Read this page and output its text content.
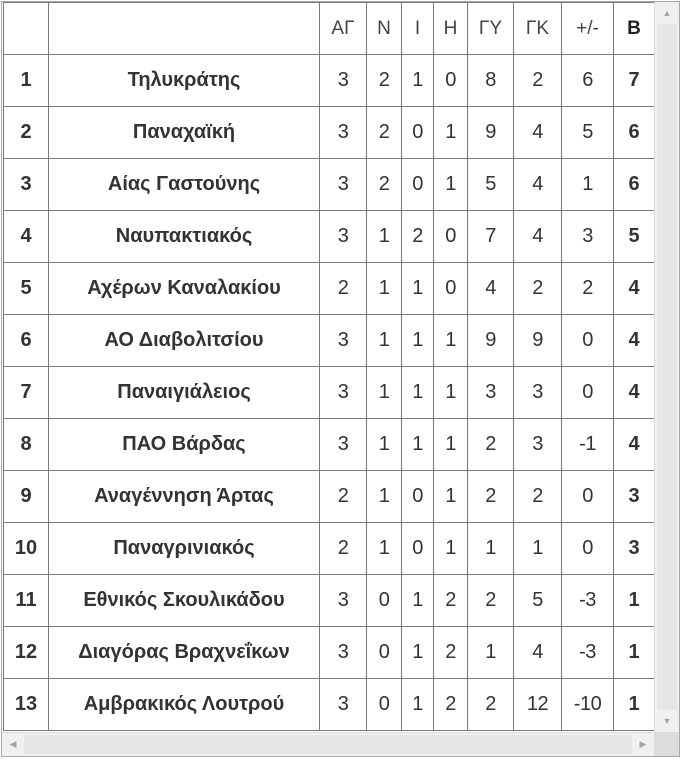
		ΑΓ	Ν	Ι	Η	ΓΥ	ΓΚ	+/-	Β
1	Τηλυκράτης	3	2	1	0	8	2	6	7
2	Παναχαϊκή	3	2	0	1	9	4	5	6
3	Αίας Γαστούνης	3	2	0	1	5	4	1	6
4	Ναυπακτιακός	3	1	2	0	7	4	3	5
5	Αχέρων Καναλακίου	2	1	1	0	4	2	2	4
6	ΑΟ Διαβολιτσίου	3	1	1	1	9	9	0	4
7	Παναιγιάλειος	3	1	1	1	3	3	0	4
8	ΠΑΟ Βάρδας	3	1	1	1	2	3	-1	4
9	Αναγέννηση Άρτας	2	1	0	1	2	2	0	3
10	Παναγρινιακός	2	1	0	1	1	1	0	3
11	Εθνικός Σκουλικάδου	3	0	1	2	2	5	-3	1
12	Διαγόρας Βραχνεΐκων	3	0	1	2	1	4	-3	1
13	Αμβρακικός Λουτρού	3	0	1	2	2	12	-10	1
▲
▼
◀	▶
